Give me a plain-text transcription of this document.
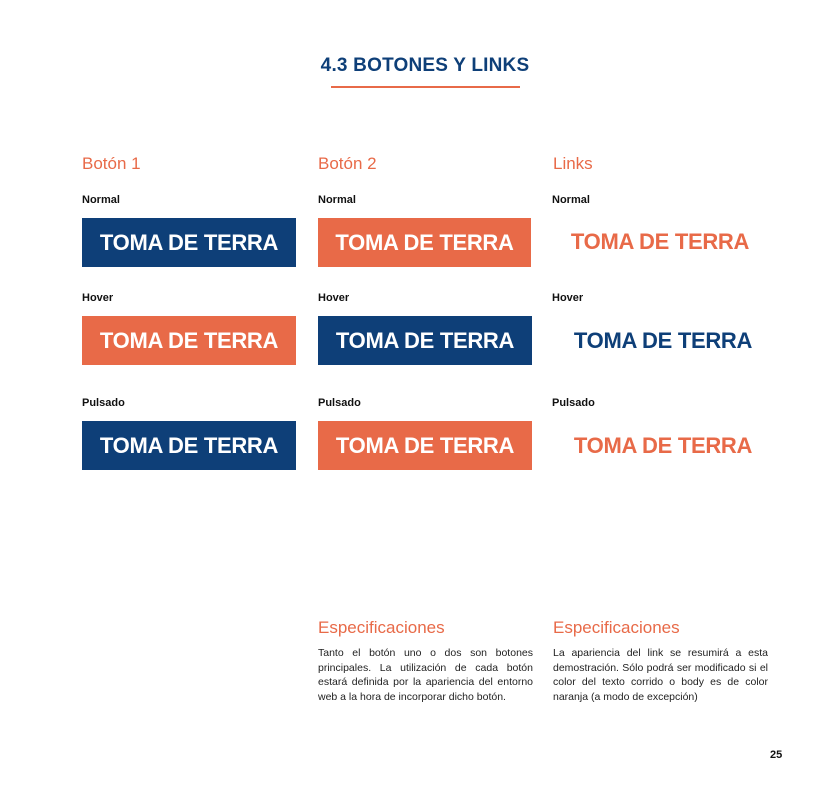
4.3 BOTONES Y LINKS
Botón 1
Normal
TOMA DE TERRA
Hover
TOMA DE TERRA
Pulsado
TOMA DE TERRA
Botón 2
Normal
TOMA DE TERRA
Hover
TOMA DE TERRA
Pulsado
TOMA DE TERRA
Links
Normal
TOMA DE TERRA
Hover
TOMA DE TERRA
Pulsado
TOMA DE TERRA
Especificaciones
Tanto el botón uno o dos son botones principales. La utilización de cada botón estará definida por la apariencia del entorno web a la hora de incorporar dicho botón.
Especificaciones
La apariencia del link se resumirá a esta demostración. Sólo podrá ser modificado si el color del texto corrido o body es de color naranja (a modo de excepción)
25
